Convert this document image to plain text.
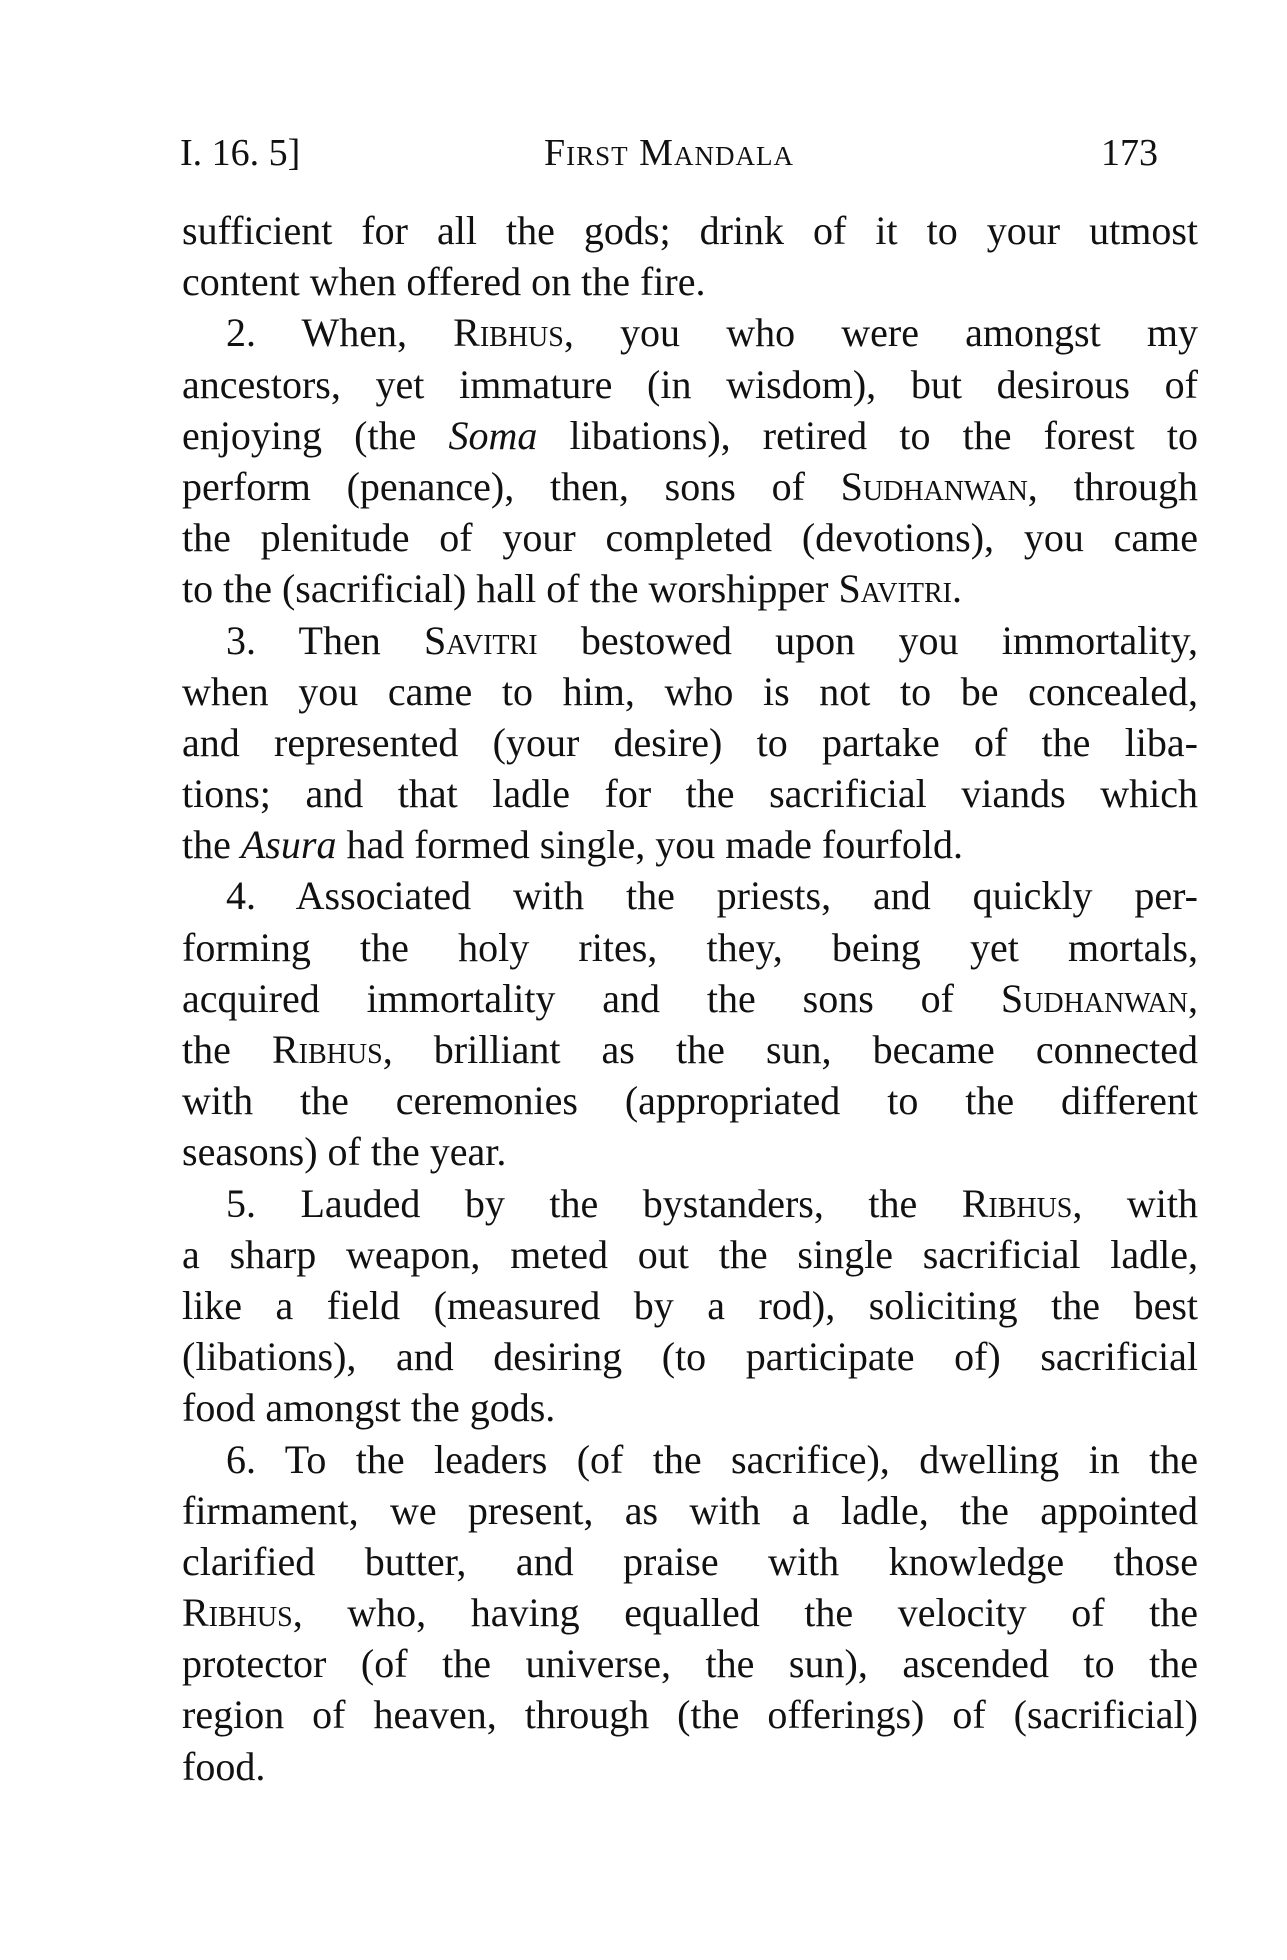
I. 16. 5]	First Mandala	173
sufficient for all the gods; drink of it to your utmost
content when offered on the fire.
2. When, Ribhus, you who were amongst my
ancestors, yet immature (in wisdom), but desirous of
enjoying (the Soma libations), retired to the forest to
perform (penance), then, sons of Sudhanwan, through
the plenitude of your completed (devotions), you came
to the (sacrificial) hall of the worshipper Savitri.
3. Then Savitri bestowed upon you immortality,
when you came to him, who is not to be concealed,
and represented (your desire) to partake of the liba-
tions; and that ladle for the sacrificial viands which
the Asura had formed single, you made fourfold.
4. Associated with the priests, and quickly per-
forming the holy rites, they, being yet mortals,
acquired immortality and the sons of Sudhanwan,
the Ribhus, brilliant as the sun, became connected
with the ceremonies (appropriated to the different
seasons) of the year.
5. Lauded by the bystanders, the Ribhus, with
a sharp weapon, meted out the single sacrificial ladle,
like a field (measured by a rod), soliciting the best
(libations), and desiring (to participate of) sacrificial
food amongst the gods.
6. To the leaders (of the sacrifice), dwelling in the
firmament, we present, as with a ladle, the appointed
clarified butter, and praise with knowledge those
Ribhus, who, having equalled the velocity of the
protector (of the universe, the sun), ascended to the
region of heaven, through (the offerings) of (sacrificial)
food.
